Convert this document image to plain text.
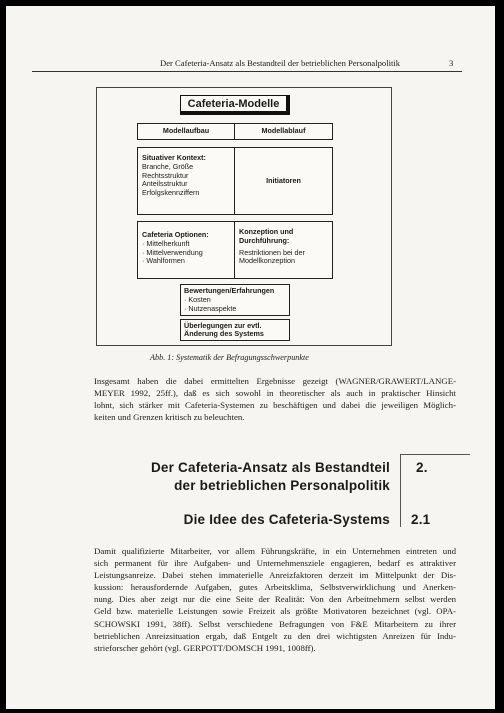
Der Cafeteria-Ansatz als Bestandteil der betrieblichen Personalpolitik	3
Cafeteria-Modelle
Modellaufbau	Modellablauf
Situativer Kontext:
Branche, Größe
Rechtsstruktur
Anteilsstruktur
Erfolgskennziffern
Initiatoren
Cafeteria Optionen:
· Mittelherkunft
· Mittelverwendung
· Wahlformen
Konzeption und
Durchführung:
Restriktionen bei der
Modellkonzeption
Bewertungen/Erfahrungen
· Kosten
· Nutzenaspekte
Überlegungen zur evtl.
Änderung des Systems
Abb. 1: Systematik der Befragungsschwerpunkte
Insgesamt haben die dabei ermittelten Ergebnisse gezeigt (WAGNER/GRAWERT/LANGE-
MEYER 1992, 25ff.), daß es sich sowohl in theoretischer als auch in praktischer Hinsicht
lohnt, sich stärker mit Cafeteria-Systemen zu beschäftigen und dabei die jeweiligen Möglich-
keiten und Grenzen kritisch zu beleuchten.
Der Cafeteria-Ansatz als Bestandteil
der betrieblichen Personalpolitik
2.
Die Idee des Cafeteria-Systems 2.1
Damit qualifizierte Mitarbeiter, vor allem Führungskräfte, in ein Unternehmen eintreten und
sich permanent für ihre Aufgaben- und Unternehmensziele engagieren, bedarf es attraktiver
Leistungsanreize. Dabei stehen immaterielle Anreizfaktoren derzeit im Mittelpunkt der Dis-
kussion: herausfordernde Aufgaben, gutes Arbeitsklima, Selbstverwirklichung und Anerken-
nung. Dies aber zeigt nur die eine Seite der Realität: Von den Arbeitnehmern selbst werden
Geld bzw. materielle Leistungen sowie Freizeit als größte Motivatoren bezeichnet (vgl. OPA-
SCHOWSKI 1991, 38ff). Selbst verschiedene Befragungen von F&E Mitarbeitern zu ihrer
betrieblichen Anreizsituation ergab, daß Entgelt zu den drei wichtigsten Anreizen für Indu-
strieforscher gehört (vgl. GERPOTT/DOMSCH 1991, 1008ff).
